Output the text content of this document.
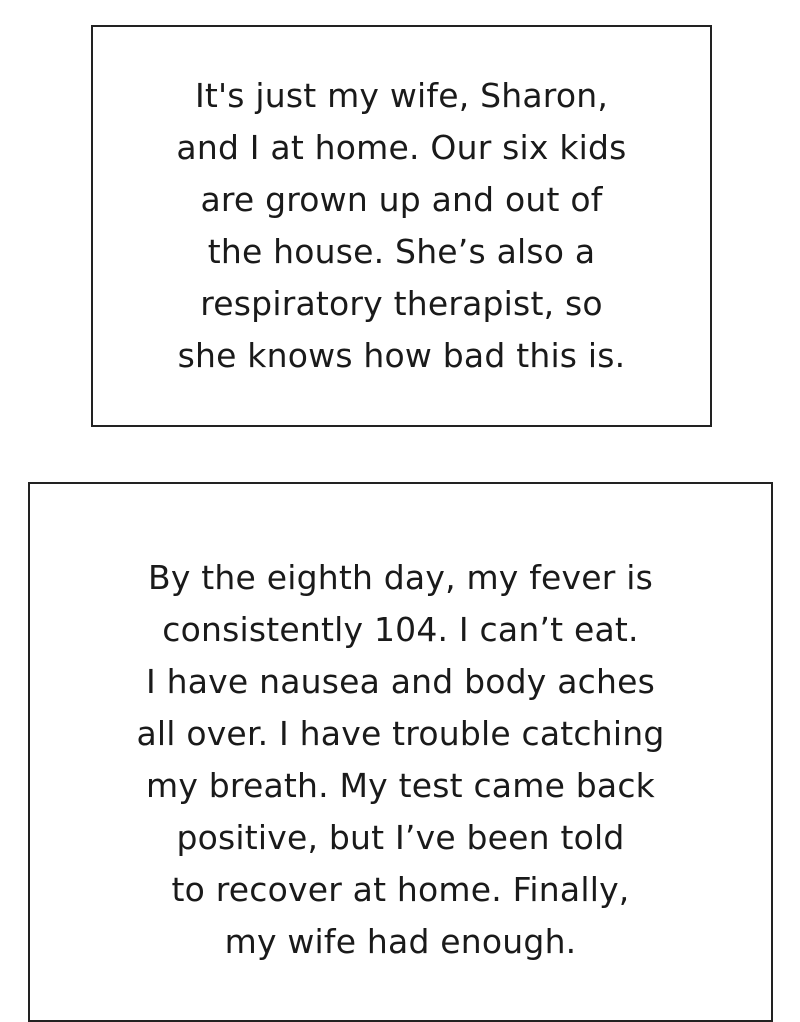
It's just my wife, Sharon,
and I at home. Our six kids
are grown up and out of
the house. She’s also a
respiratory therapist, so
she knows how bad this is.

By the eighth day, my fever is
consistently 104. I can’t eat.
I have nausea and body aches
all over. I have trouble catching
my breath. My test came back
positive, but I’ve been told
to recover at home. Finally,
my wife had enough.
